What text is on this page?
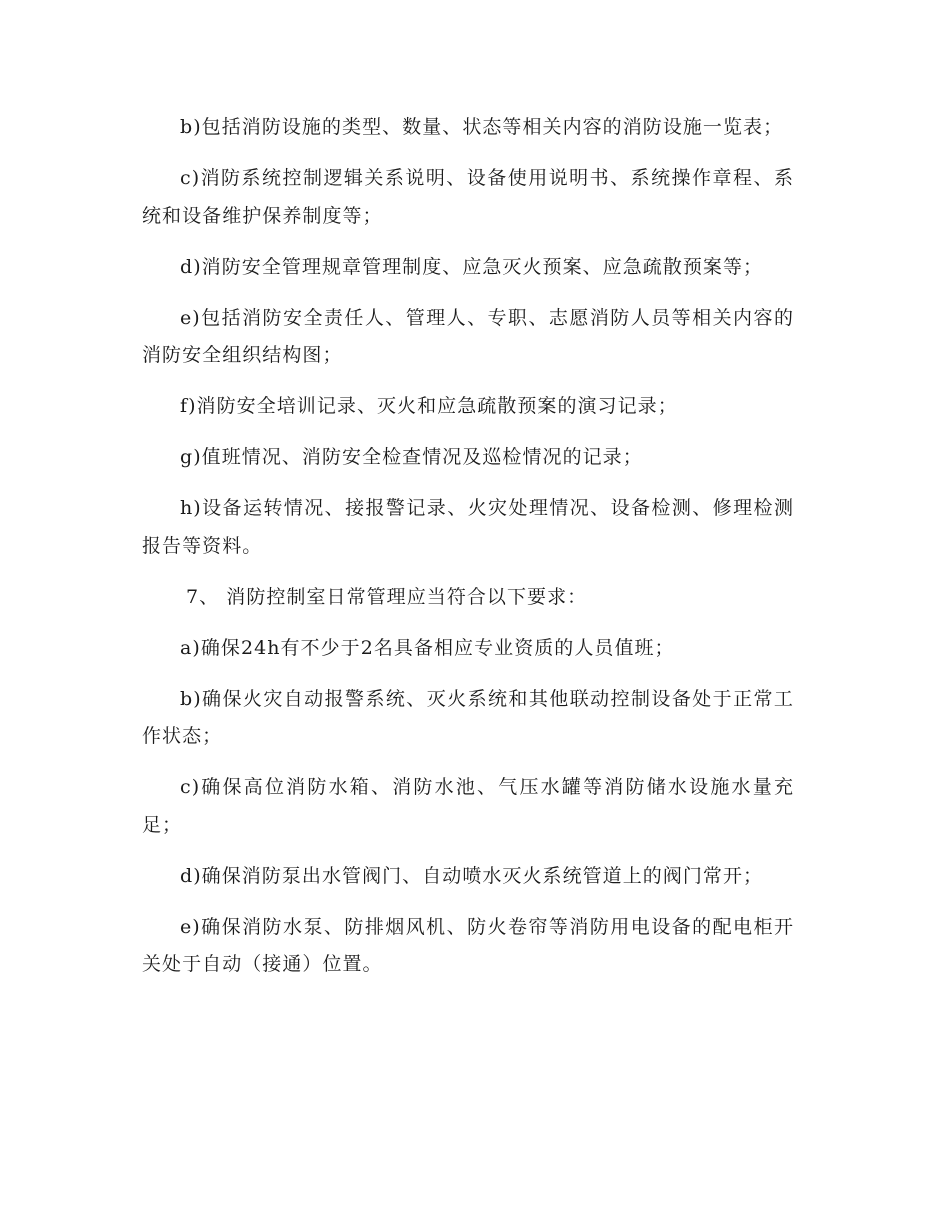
b)包括消防设施的类型、数量、状态等相关内容的消防设施一览表；

c)消防系统控制逻辑关系说明、设备使用说明书、系统操作章程、系统和设备维护保养制度等；

d)消防安全管理规章管理制度、应急灭火预案、应急疏散预案等；

e)包括消防安全责任人、管理人、专职、志愿消防人员等相关内容的消防安全组织结构图；

f)消防安全培训记录、灭火和应急疏散预案的演习记录；

g)值班情况、消防安全检查情况及巡检情况的记录；

h)设备运转情况、接报警记录、火灾处理情况、设备检测、修理检测报告等资料。

7、 消防控制室日常管理应当符合以下要求：

a)确保24h有不少于2名具备相应专业资质的人员值班；

b)确保火灾自动报警系统、灭火系统和其他联动控制设备处于正常工作状态；

c)确保高位消防水箱、消防水池、气压水罐等消防储水设施水量充足；

d)确保消防泵出水管阀门、自动喷水灭火系统管道上的阀门常开；

e)确保消防水泵、防排烟风机、防火卷帘等消防用电设备的配电柜开关处于自动（接通）位置。
